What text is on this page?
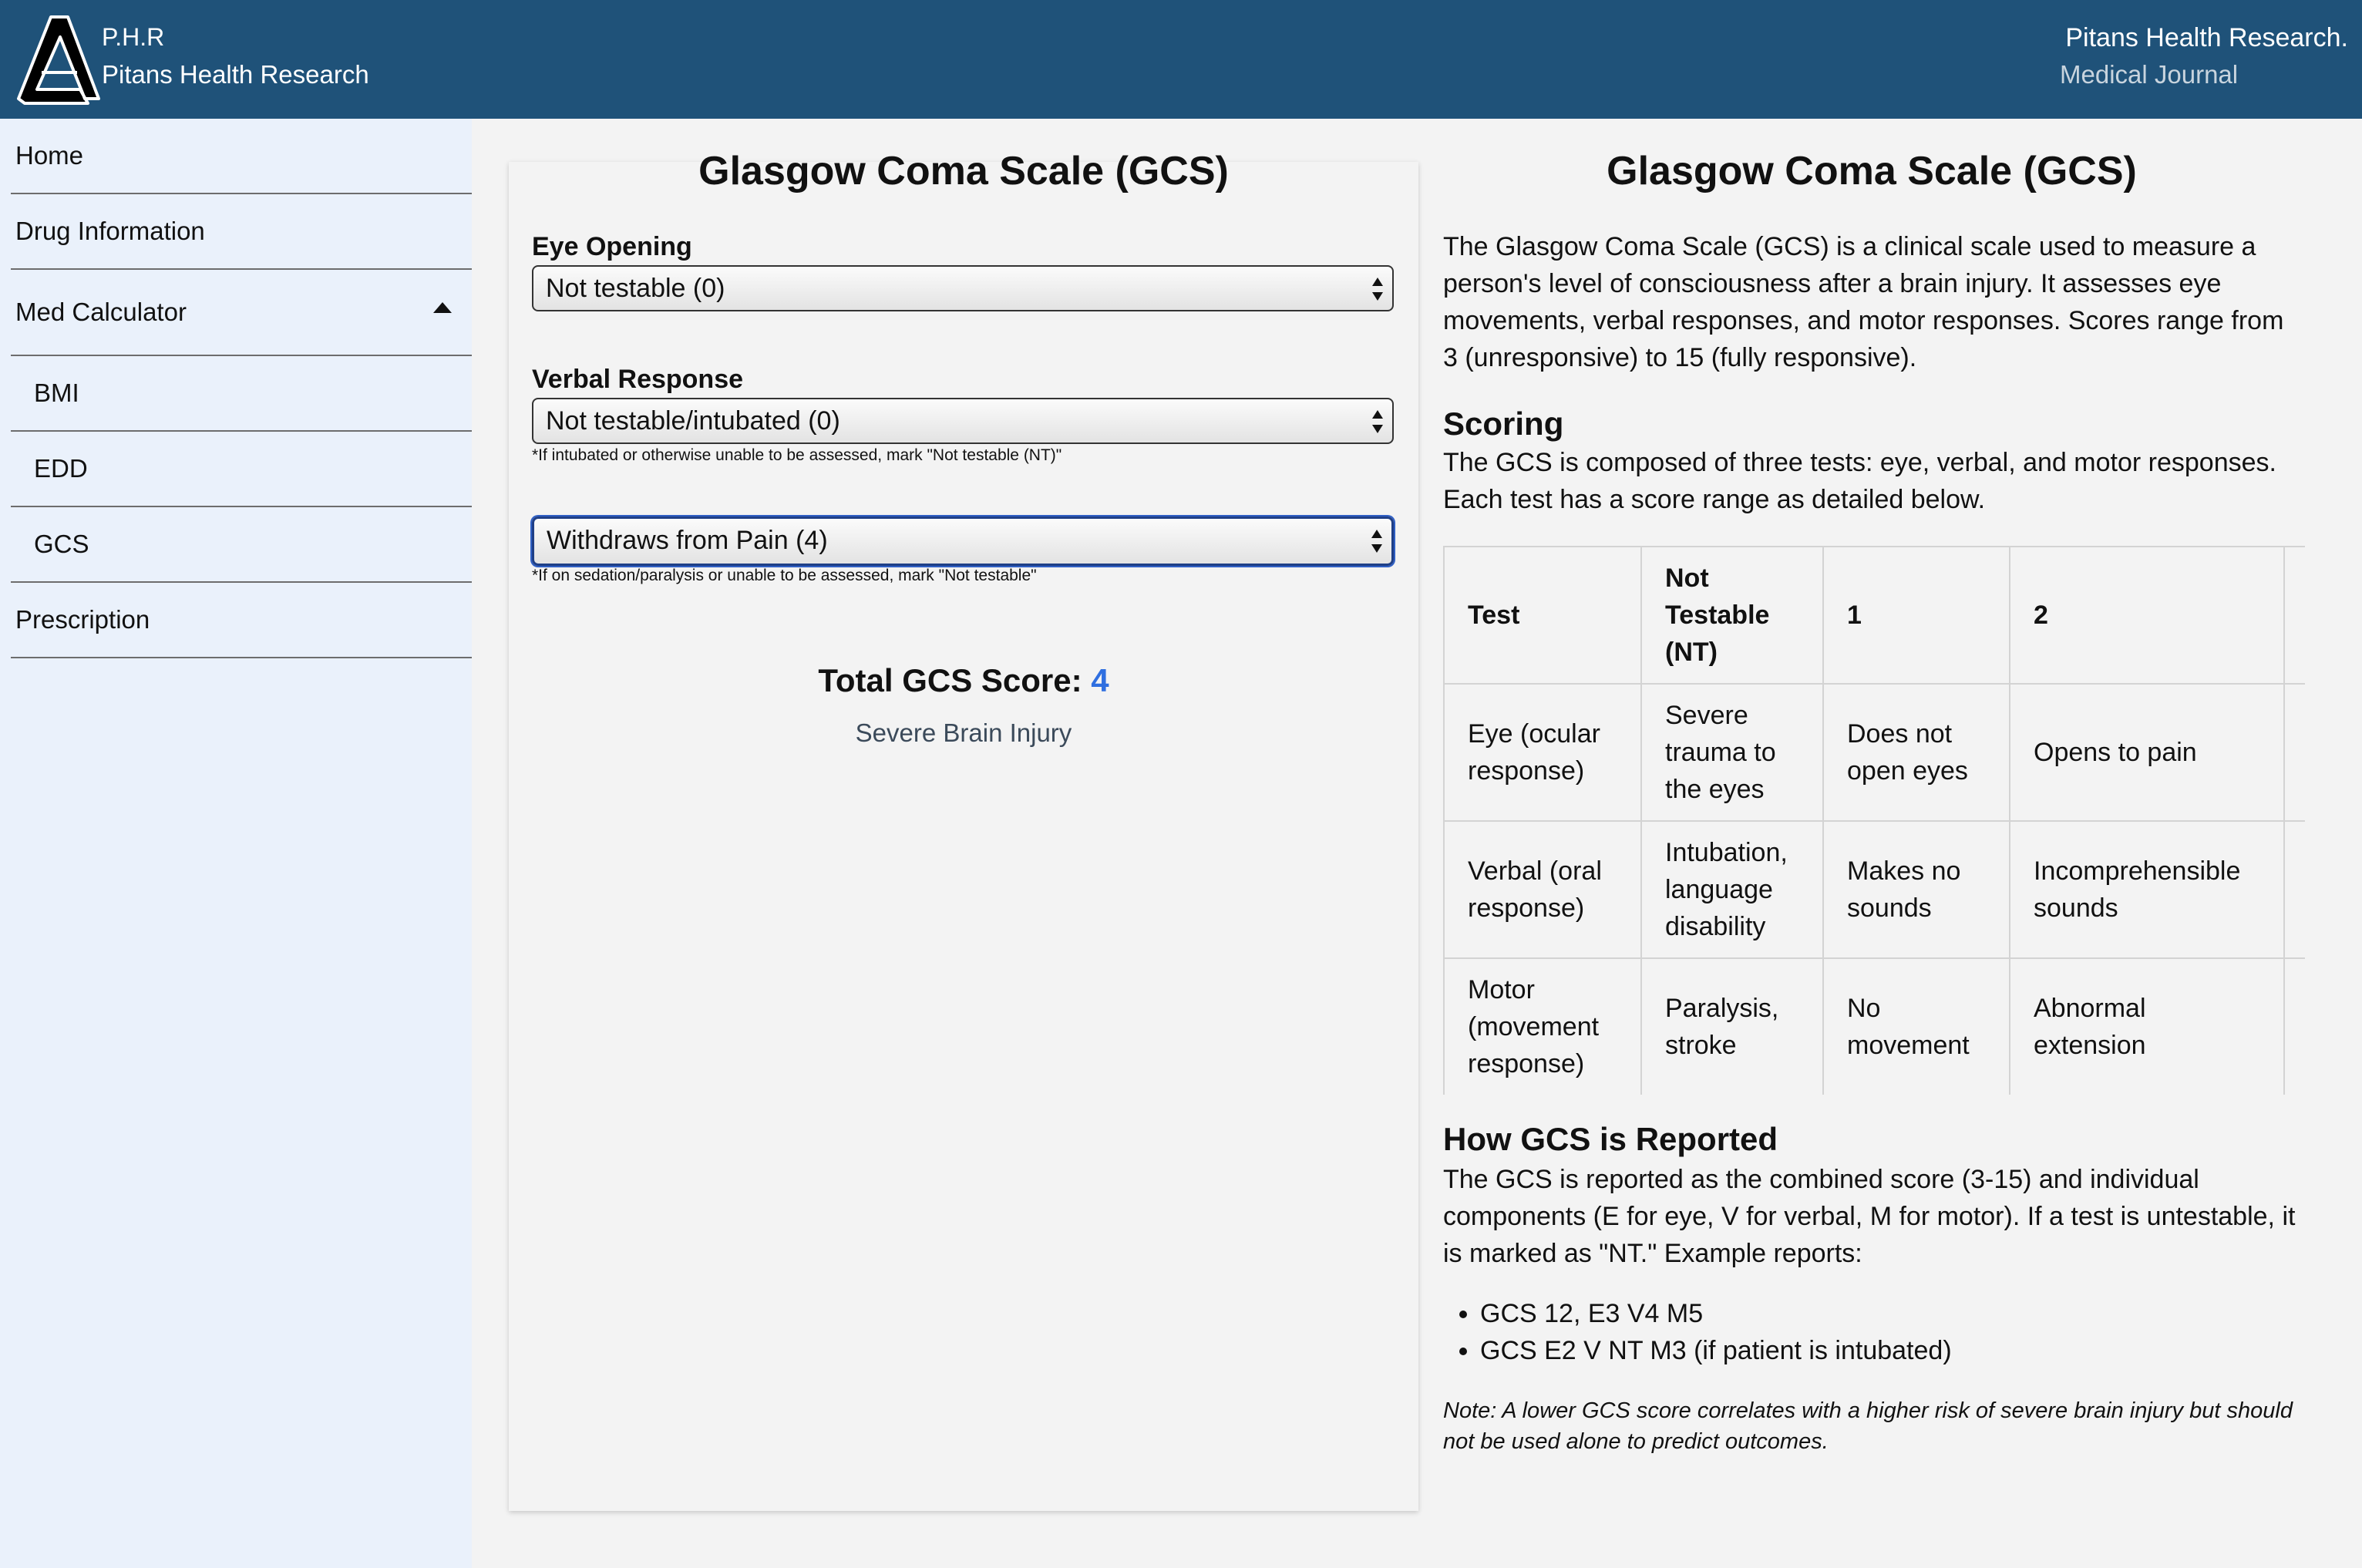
P.H.R
Pitans Health Research
Pitans Health Research.
Medical Journal
Home
Drug Information
Med Calculator
BMI
EDD
GCS
Prescription
Glasgow Coma Scale (GCS)
Eye Opening
Not testable (0)
Verbal Response
Not testable/intubated (0)
*If intubated or otherwise unable to be assessed, mark "Not testable (NT)"
Withdraws from Pain (4)
*If on sedation/paralysis or unable to be assessed, mark "Not testable"
Total GCS Score: 4
Severe Brain Injury
Glasgow Coma Scale (GCS)
The Glasgow Coma Scale (GCS) is a clinical scale used to measure a person's level of consciousness after a brain injury. It assesses eye movements, verbal responses, and motor responses. Scores range from 3 (unresponsive) to 15 (fully responsive).
Scoring
The GCS is composed of three tests: eye, verbal, and motor responses. Each test has a score range as detailed below.
Test	Not Testable (NT)	1	2	
Eye (ocular response)	Severe trauma to the eyes	Does not open eyes	Opens to pain	
Verbal (oral response)	Intubation, language disability	Makes no sounds	Incomprehensible sounds	
Motor (movement response)	Paralysis, stroke	No movement	Abnormal extension	
How GCS is Reported
The GCS is reported as the combined score (3-15) and individual components (E for eye, V for verbal, M for motor). If a test is untestable, it is marked as "NT." Example reports:
• GCS 12, E3 V4 M5
• GCS E2 V NT M3 (if patient is intubated)
Note: A lower GCS score correlates with a higher risk of severe brain injury but should not be used alone to predict outcomes.
